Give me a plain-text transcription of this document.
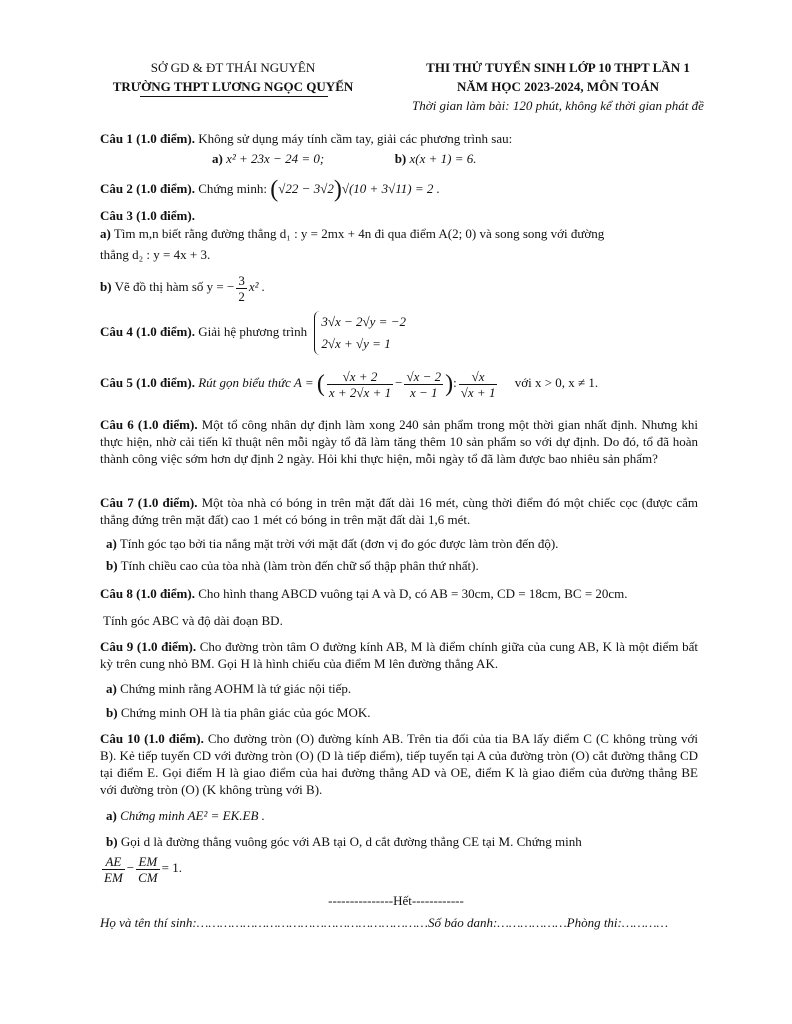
SỞ GD & ĐT THÁI NGUYÊN
TRƯỜNG THPT LƯƠNG NGỌC QUYẾN
THI THỬ TUYỂN SINH LỚP 10 THPT LẦN 1
NĂM HỌC 2023-2024, MÔN TOÁN
Thời gian làm bài: 120 phút, không kể thời gian phát đề
Câu 1 (1.0 điểm). Không sử dụng máy tính cầm tay, giải các phương trình sau:
a) x² + 23x − 24 = 0;	b) x(x + 1) = 6.
Câu 2 (1.0 điểm). Chứng minh: (√22 − 3√2)√(10 + 3√11) = 2 .
Câu 3 (1.0 điểm).
a) Tìm m,n biết rằng đường thẳng d₁ : y = 2mx + 4n đi qua điểm A(2; 0) và song song với đường
thẳng d₂ : y = 4x + 3.
b) Vẽ đồ thị hàm số y = − $\frac{3}{2} x^2$ .
Câu 4 (1.0 điểm). Giải hệ phương trình
3√x − 2√y = −2
2√x + √y = 1
Câu 5 (1.0 điểm). Rút gọn biểu thức A = ( $\frac{√x + 2}{x + 2√x + 1} - \frac{√x - 2}{x - 1}$ ): $\frac{√x}{√x + 1}$ với x > 0, x ≠ 1.
Câu 6 (1.0 điểm). Một tổ công nhân dự định làm xong 240 sản phẩm trong một thời gian nhất định. Nhưng khi thực hiện, nhờ cải tiến kĩ thuật nên mỗi ngày tổ đã làm tăng thêm 10 sản phẩm so với dự định. Do đó, tổ đã hoàn thành công việc sớm hơn dự định 2 ngày. Hỏi khi thực hiện, mỗi ngày tổ đã làm được bao nhiêu sản phẩm?
Câu 7 (1.0 điểm). Một tòa nhà có bóng in trên mặt đất dài 16 mét, cùng thời điểm đó một chiếc cọc (được cắm thẳng đứng trên mặt đất) cao 1 mét có bóng in trên mặt đất dài 1,6 mét.
a) Tính góc tạo bởi tia nắng mặt trời với mặt đất (đơn vị đo góc được làm tròn đến độ).
b) Tính chiều cao của tòa nhà (làm tròn đến chữ số thập phân thứ nhất).
Câu 8 (1.0 điểm). Cho hình thang ABCD vuông tại A và D, có AB = 30cm, CD = 18cm, BC = 20cm.
Tính góc ABC và độ dài đoạn BD.
Câu 9 (1.0 điểm). Cho đường tròn tâm O đường kính AB, M là điểm chính giữa của cung AB, K là một điểm bất kỳ trên cung nhỏ BM. Gọi H là hình chiếu của điểm M lên đường thẳng AK.
a) Chứng minh rằng AOHM là tứ giác nội tiếp.
b) Chứng minh OH là tia phân giác của góc MOK.
Câu 10 (1.0 điểm). Cho đường tròn (O) đường kính AB. Trên tia đối của tia BA lấy điểm C (C không trùng với B). Kẻ tiếp tuyến CD với đường tròn (O) (D là tiếp điểm), tiếp tuyến tại A của đường tròn (O) cắt đường thẳng CD tại điểm E. Gọi điểm H là giao điểm của hai đường thẳng AD và OE, điểm K là giao điểm của đường thẳng BE với đường tròn (O) (K không trùng với B).
a) Chứng minh AE² = EK.EB .
b) Gọi d là đường thẳng vuông góc với AB tại O, d cắt đường thẳng CE tại M. Chứng minh
$\frac{AE}{EM} - \frac{EM}{CM} = 1$.
---------------Hết------------
Họ và tên thí sinh:……………………………………………………Số báo danh:………………Phòng thi:…………
